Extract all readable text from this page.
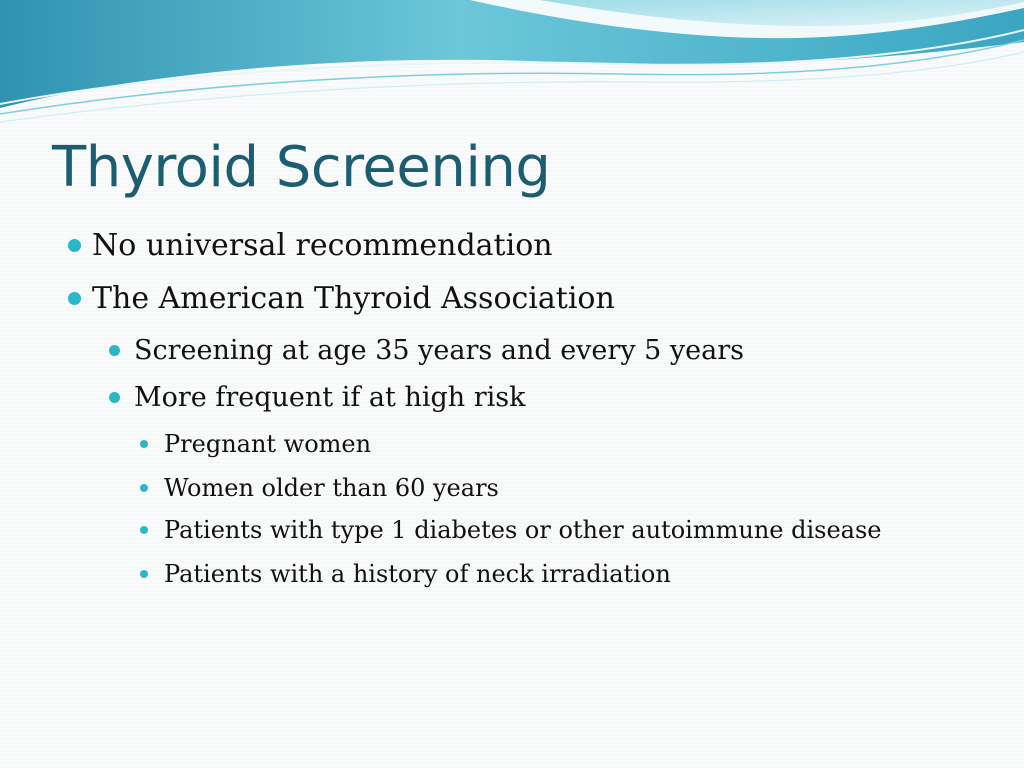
Thyroid Screening
No universal recommendation
The American Thyroid Association
Screening at age 35 years and every 5 years
More frequent if at high risk
Pregnant women
Women older than 60 years
Patients with type 1 diabetes or other autoimmune disease
Patients with a history of neck irradiation
